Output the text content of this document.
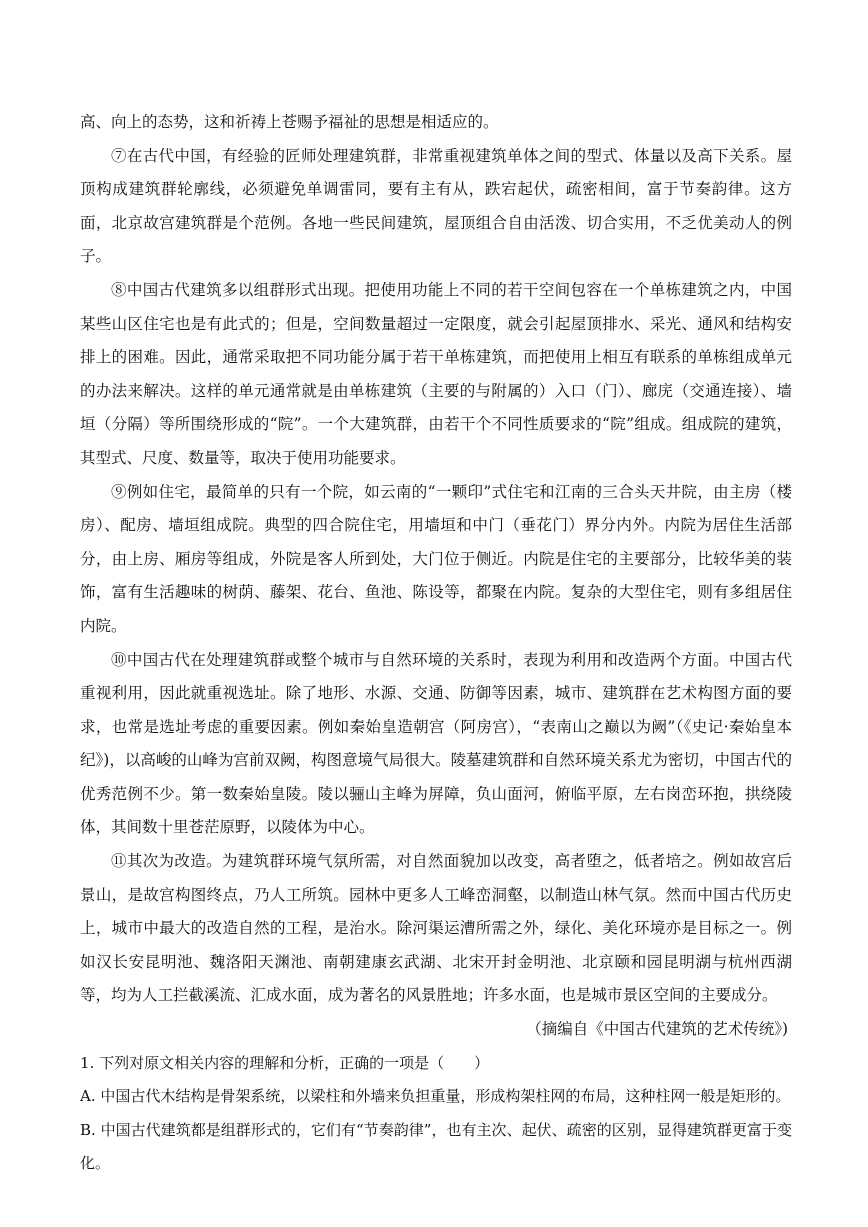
高、向上的态势，这和祈祷上苍赐予福祉的思想是相适应的。

⑦在古代中国，有经验的匠师处理建筑群，非常重视建筑单体之间的型式、体量以及高下关系。屋顶构成建筑群轮廓线，必须避免单调雷同，要有主有从，跌宕起伏，疏密相间，富于节奏韵律。这方面，北京故宫建筑群是个范例。各地一些民间建筑，屋顶组合自由活泼、切合实用，不乏优美动人的例子。

⑧中国古代建筑多以组群形式出现。把使用功能上不同的若干空间包容在一个单栋建筑之内，中国某些山区住宅也是有此式的；但是，空间数量超过一定限度，就会引起屋顶排水、采光、通风和结构安排上的困难。因此，通常采取把不同功能分属于若干单栋建筑，而把使用上相互有联系的单栋组成单元的办法来解决。这样的单元通常就是由单栋建筑（主要的与附属的）入口（门）、廊庑（交通连接）、墙垣（分隔）等所围绕形成的“院”。一个大建筑群，由若干个不同性质要求的“院”组成。组成院的建筑，其型式、尺度、数量等，取决于使用功能要求。

⑨例如住宅，最简单的只有一个院，如云南的“一颗印”式住宅和江南的三合头天井院，由主房（楼房）、配房、墙垣组成院。典型的四合院住宅，用墙垣和中门（垂花门）界分内外。内院为居住生活部分，由上房、厢房等组成，外院是客人所到处，大门位于侧近。内院是住宅的主要部分，比较华美的装饰，富有生活趣味的树荫、藤架、花台、鱼池、陈设等，都聚在内院。复杂的大型住宅，则有多组居住内院。

⑩中国古代在处理建筑群或整个城市与自然环境的关系时，表现为利用和改造两个方面。中国古代重视利用，因此就重视选址。除了地形、水源、交通、防御等因素，城市、建筑群在艺术构图方面的要求，也常是选址考虑的重要因素。例如秦始皇造朝宫（阿房宫），“表南山之巅以为阙”（《史记·秦始皇本纪》)，以高峻的山峰为宫前双阙，构图意境气局很大。陵墓建筑群和自然环境关系尤为密切，中国古代的优秀范例不少。第一数秦始皇陵。陵以骊山主峰为屏障，负山面河，俯临平原，左右岗峦环抱，拱绕陵体，其间数十里苍茫原野，以陵体为中心。

⑪其次为改造。为建筑群环境气氛所需，对自然面貌加以改变，高者堕之，低者培之。例如故宫后景山，是故宫构图终点，乃人工所筑。园林中更多人工峰峦洞壑，以制造山林气氛。然而中国古代历史上，城市中最大的改造自然的工程，是治水。除河渠运漕所需之外，绿化、美化环境亦是目标之一。例如汉长安昆明池、魏洛阳天渊池、南朝建康玄武湖、北宋开封金明池、北京颐和园昆明湖与杭州西湖等，均为人工拦截溪流、汇成水面，成为著名的风景胜地；许多水面，也是城市景区空间的主要成分。

（摘编自《中国古代建筑的艺术传统》)

1. 下列对原文相关内容的理解和分析，正确的一项是（　　）

A. 中国古代木结构是骨架系统，以梁柱和外墙来负担重量，形成构架柱网的布局，这种柱网一般是矩形的。

B. 中国古代建筑都是组群形式的，它们有“节奏韵律”，也有主次、起伏、疏密的区别，显得建筑群更富于变化。
